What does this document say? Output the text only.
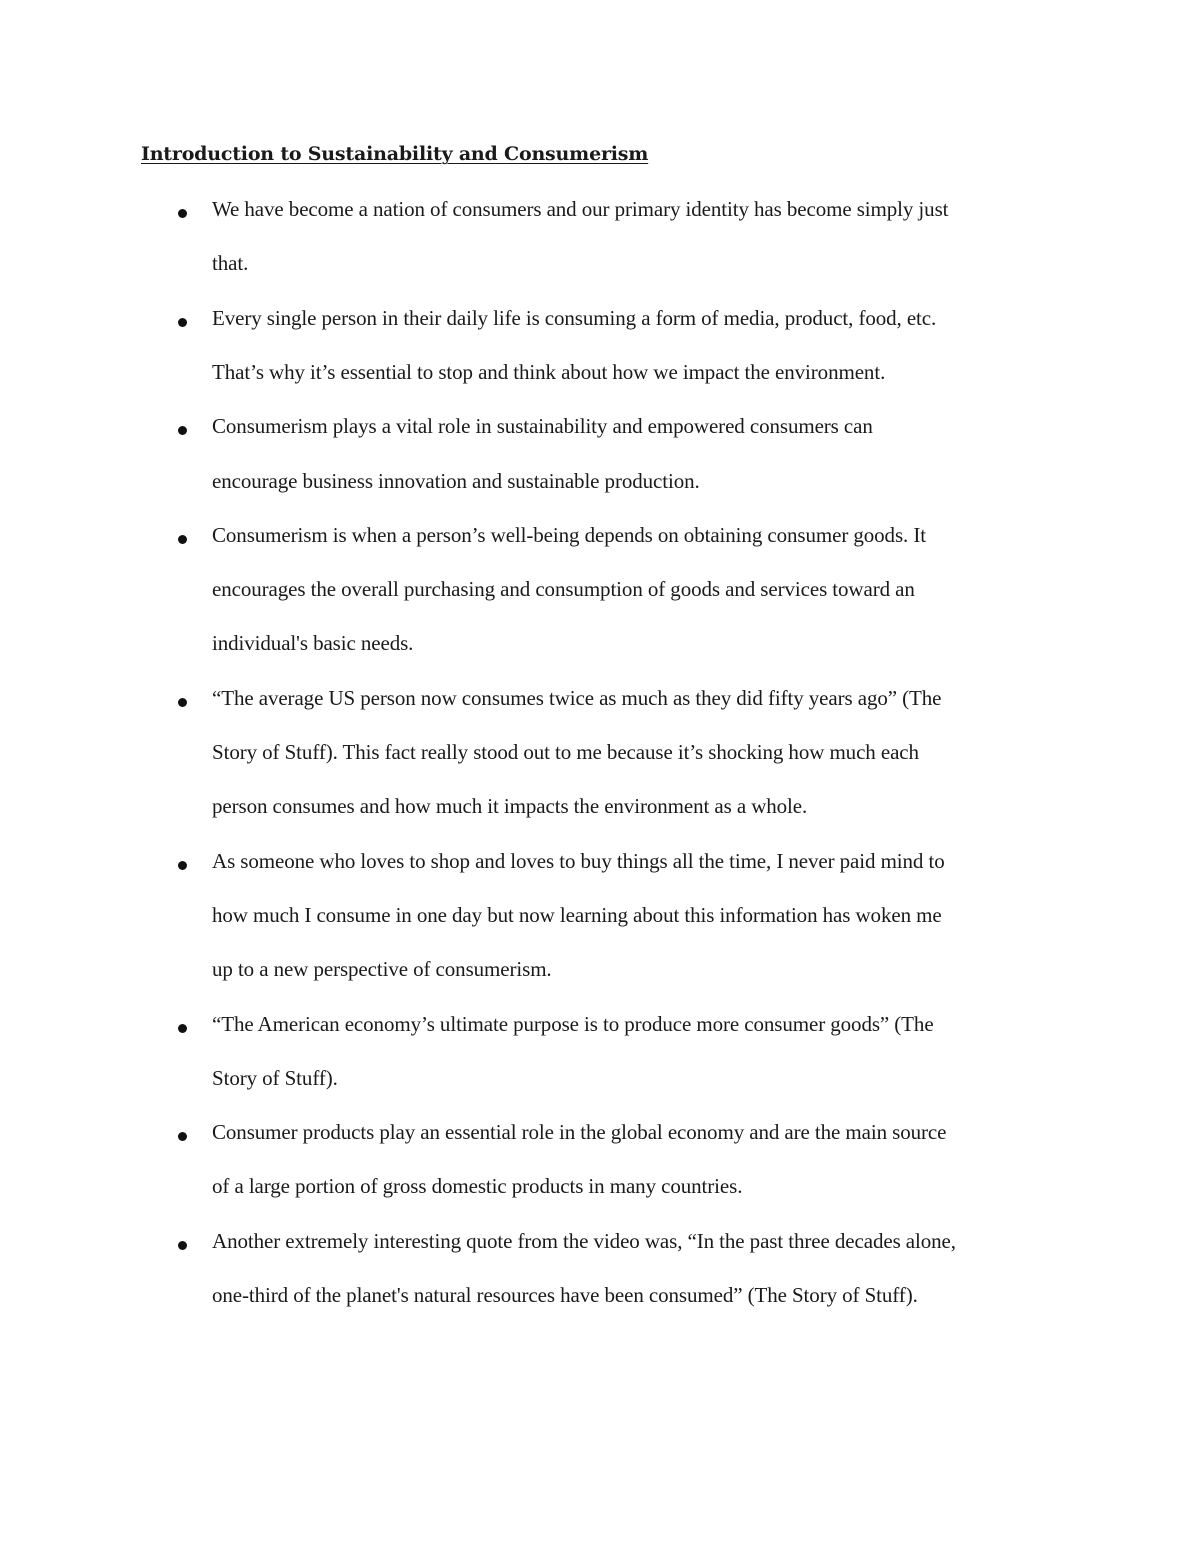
Introduction to Sustainability and Consumerism
We have become a nation of consumers and our primary identity has become simply just
that.
Every single person in their daily life is consuming a form of media, product, food, etc.
That’s why it’s essential to stop and think about how we impact the environment.
Consumerism plays a vital role in sustainability and empowered consumers can
encourage business innovation and sustainable production.
Consumerism is when a person’s well-being depends on obtaining consumer goods. It
encourages the overall purchasing and consumption of goods and services toward an
individual's basic needs.
“The average US person now consumes twice as much as they did fifty years ago” (The
Story of Stuff). This fact really stood out to me because it’s shocking how much each
person consumes and how much it impacts the environment as a whole.
As someone who loves to shop and loves to buy things all the time, I never paid mind to
how much I consume in one day but now learning about this information has woken me
up to a new perspective of consumerism.
“The American economy’s ultimate purpose is to produce more consumer goods” (The
Story of Stuff).
Consumer products play an essential role in the global economy and are the main source
of a large portion of gross domestic products in many countries.
Another extremely interesting quote from the video was, “In the past three decades alone,
one-third of the planet's natural resources have been consumed” (The Story of Stuff).
